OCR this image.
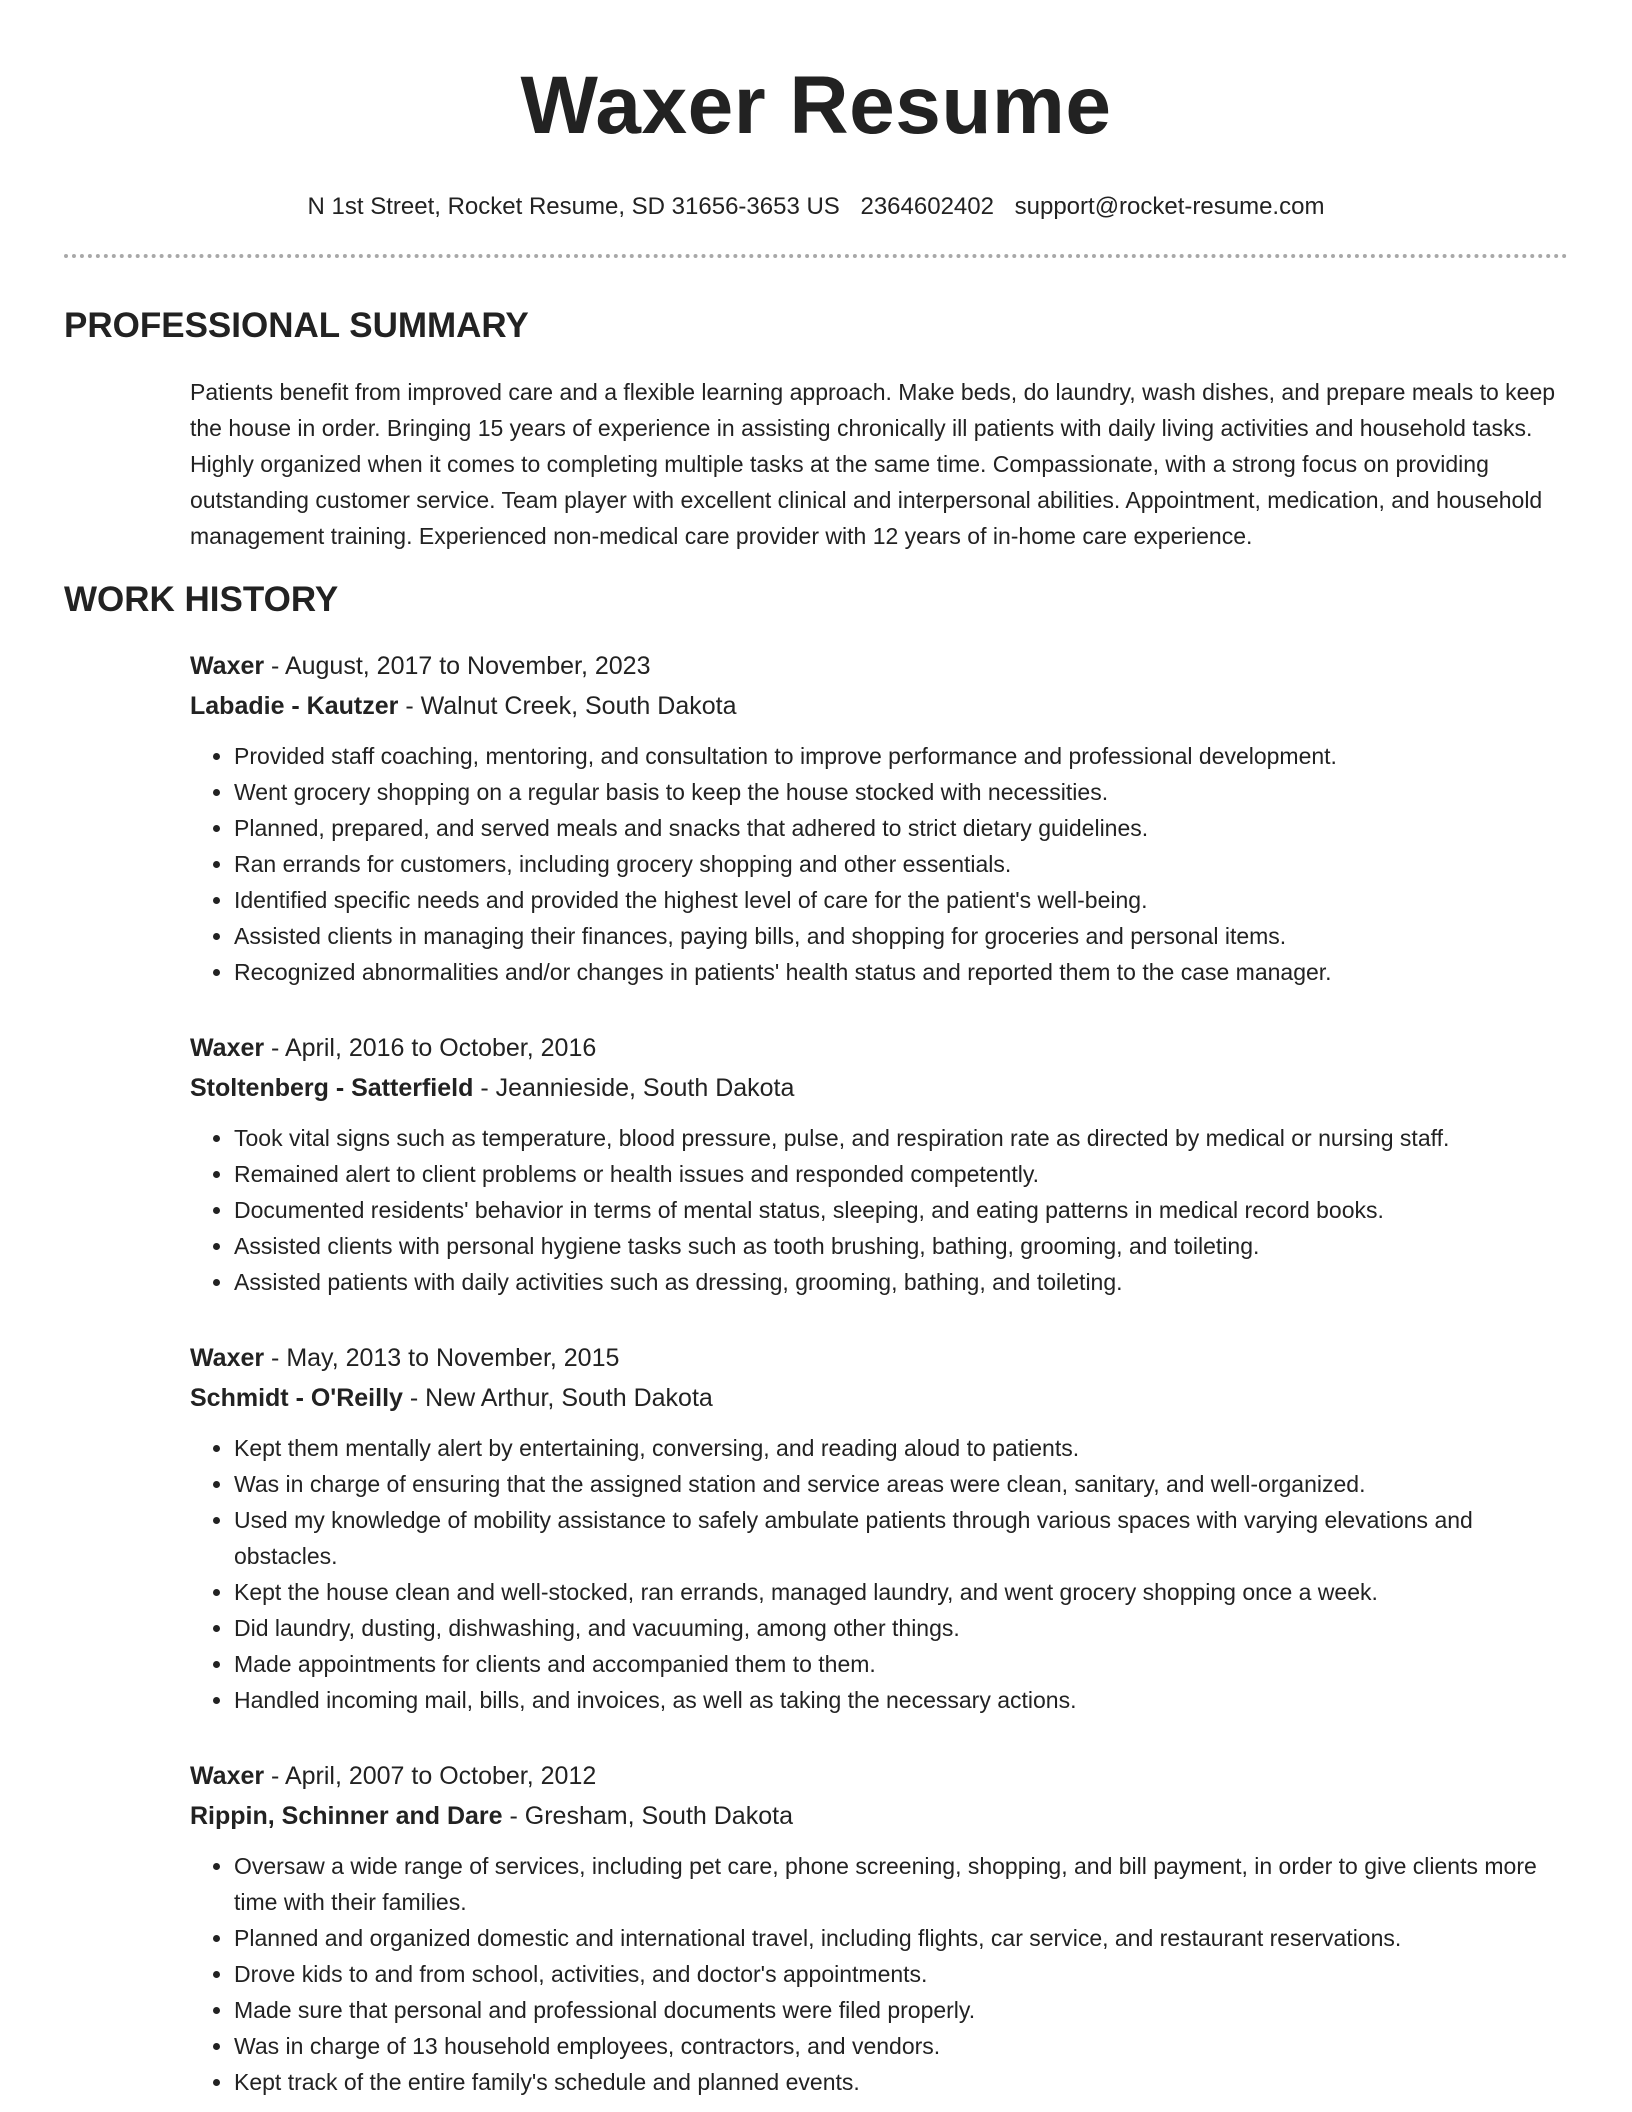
Waxer Resume
N 1st Street, Rocket Resume, SD 31656-3653 US 2364602402 support@rocket-resume.com
PROFESSIONAL SUMMARY

Patients benefit from improved care and a flexible learning approach. Make beds, do laundry, wash dishes, and prepare meals to keep the house in order. Bringing 15 years of experience in assisting chronically ill patients with daily living activities and household tasks. Highly organized when it comes to completing multiple tasks at the same time. Compassionate, with a strong focus on providing outstanding customer service. Team player with excellent clinical and interpersonal abilities. Appointment, medication, and household management training. Experienced non-medical care provider with 12 years of in-home care experience.

WORK HISTORY

Waxer - August, 2017 to November, 2023

Labadie - Kautzer - Walnut Creek, South Dakota

• Provided staff coaching, mentoring, and consultation to improve performance and professional development.
• Went grocery shopping on a regular basis to keep the house stocked with necessities.
• Planned, prepared, and served meals and snacks that adhered to strict dietary guidelines.
• Ran errands for customers, including grocery shopping and other essentials.
• Identified specific needs and provided the highest level of care for the patient's well-being.
• Assisted clients in managing their finances, paying bills, and shopping for groceries and personal items.
• Recognized abnormalities and/or changes in patients' health status and reported them to the case manager.

Waxer - April, 2016 to October, 2016

Stoltenberg - Satterfield - Jeannieside, South Dakota

• Took vital signs such as temperature, blood pressure, pulse, and respiration rate as directed by medical or nursing staff.
• Remained alert to client problems or health issues and responded competently.
• Documented residents' behavior in terms of mental status, sleeping, and eating patterns in medical record books.
• Assisted clients with personal hygiene tasks such as tooth brushing, bathing, grooming, and toileting.
• Assisted patients with daily activities such as dressing, grooming, bathing, and toileting.

Waxer - May, 2013 to November, 2015

Schmidt - O'Reilly - New Arthur, South Dakota

• Kept them mentally alert by entertaining, conversing, and reading aloud to patients.
• Was in charge of ensuring that the assigned station and service areas were clean, sanitary, and well-organized.
• Used my knowledge of mobility assistance to safely ambulate patients through various spaces with varying elevations and obstacles.
• Kept the house clean and well-stocked, ran errands, managed laundry, and went grocery shopping once a week.
• Did laundry, dusting, dishwashing, and vacuuming, among other things.
• Made appointments for clients and accompanied them to them.
• Handled incoming mail, bills, and invoices, as well as taking the necessary actions.

Waxer - April, 2007 to October, 2012

Rippin, Schinner and Dare - Gresham, South Dakota

• Oversaw a wide range of services, including pet care, phone screening, shopping, and bill payment, in order to give clients more time with their families.
• Planned and organized domestic and international travel, including flights, car service, and restaurant reservations.
• Drove kids to and from school, activities, and doctor's appointments.
• Made sure that personal and professional documents were filed properly.
• Was in charge of 13 household employees, contractors, and vendors.
• Kept track of the entire family's schedule and planned events.
